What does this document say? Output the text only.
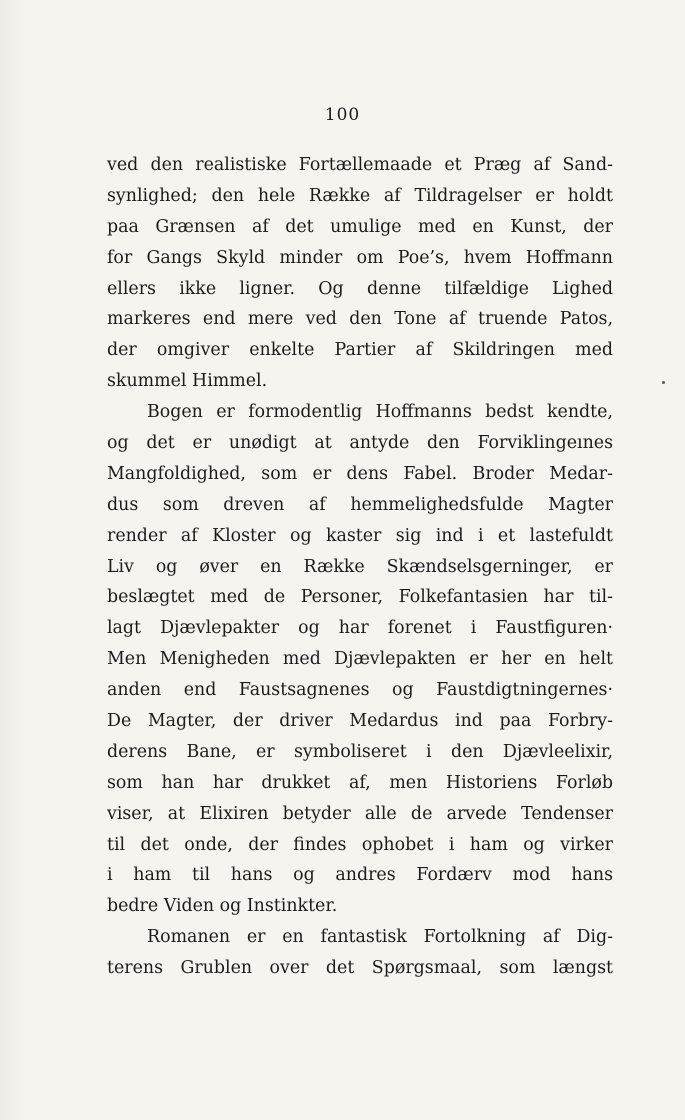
100
ved den realistiske Fortællemaade et Præg af Sand-
synlighed; den hele Række af Tildragelser er holdt
paa Grænsen af det umulige med en Kunst, der
for Gangs Skyld minder om Poe’s, hvem Hoffmann
ellers ikke ligner. Og denne tilfældige Lighed
markeres end mere ved den Tone af truende Patos,
der omgiver enkelte Partier af Skildringen med
skummel Himmel.
Bogen er formodentlig Hoffmanns bedst kendte,
og det er unødigt at antyde den Forviklingeınes
Mangfoldighed, som er dens Fabel. Broder Medar-
dus som dreven af hemmelighedsfulde Magter
render af Kloster og kaster sig ind i et lastefuldt
Liv og øver en Række Skændselsgerninger, er
beslægtet med de Personer, Folkefantasien har til-
lagt Djævlepakter og har forenet i Faustfiguren·
Men Menigheden med Djævlepakten er her en helt
anden end Faustsagnenes og Faustdigtningernes·
De Magter, der driver Medardus ind paa Forbry-
derens Bane, er symboliseret i den Djævleelixir,
som han har drukket af, men Historiens Forløb
viser, at Elixiren betyder alle de arvede Tendenser
til det onde, der findes ophobet i ham og virker
i ham til hans og andres Fordærv mod hans
bedre Viden og Instinkter.
Romanen er en fantastisk Fortolkning af Dig-
terens Grublen over det Spørgsmaal, som længst
